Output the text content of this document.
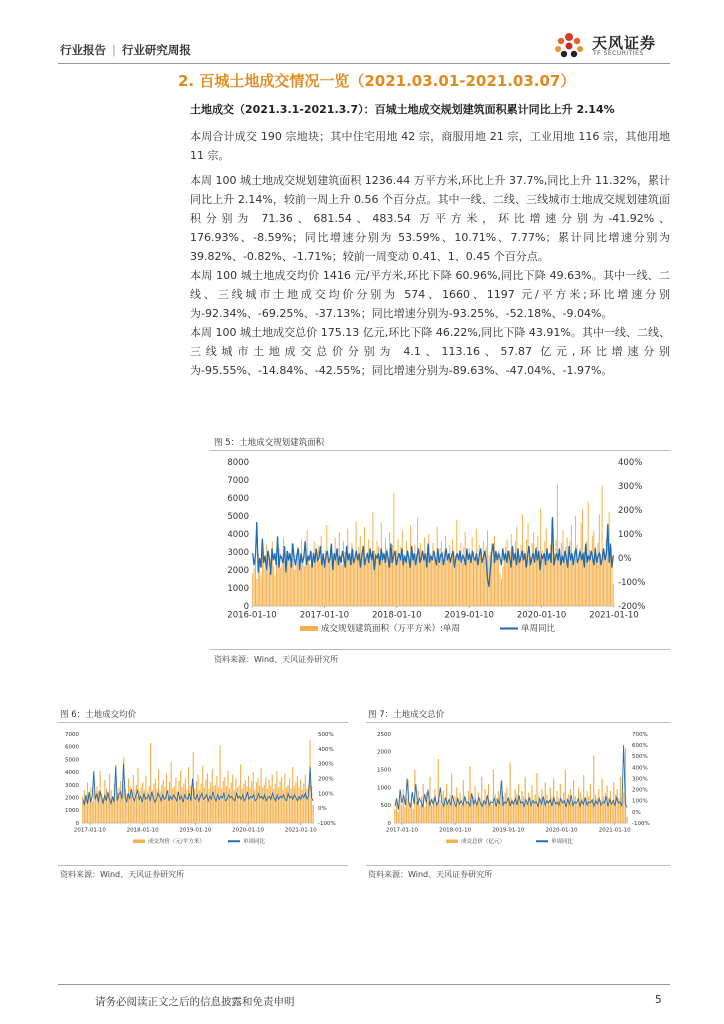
行业报告 | 行业研究周报	天风证券
TF SECURITIES
2. 百城土地成交情况一览（2021.03.01-2021.03.07）
土地成交（2021.3.1-2021.3.7）：百城土地成交规划建筑面积累计同比上升 2.14%
本周合计成交 190 宗地块；其中住宅用地 42 宗，商服用地 21 宗，工业用地 116 宗，其他用地 11 宗。
本周 100 城土地成交规划建筑面积 1236.44 万平方米,环比上升 37.7%,同比上升 11.32%，累计同比上升 2.14%，较前一周上升 0.56 个百分点。其中一线、二线、三线城市土地成交规划建筑面积分别为 71.36、681.54、483.54 万平方米，环比增速分别为-41.92%、176.93%、-8.59%；同比增速分别为 53.59%、10.71%、7.77%；累计同比增速分别为 39.82%、-0.82%、-1.71%；较前一周变动 0.41、1、0.45 个百分点。
本周 100 城土地成交均价 1416 元/平方米,环比下降 60.96%,同比下降 49.63%。其中一线、二线、三线城市土地成交均价分别为 574、1660、1197 元/平方米;环比增速分别为-92.34%、-69.25%、-37.13%；同比增速分别为-93.25%、-52.18%、-9.04%。
本周 100 城土地成交总价 175.13 亿元,环比下降 46.22%,同比下降 43.91%。其中一线、二线、三线城市土地成交总价分别为 4.1、113.16、57.87 亿元,环比增速分别为-95.55%、-14.84%、-42.55%；同比增速分别为-89.63%、-47.04%、-1.97%。
图 5：土地成交规划建筑面积
0
1000
2000
3000
4000
5000
6000
7000
8000
-200%
-100%
0%
100%
200%
300%
400%
2016-01-10	2017-01-10	2018-01-10	2019-01-10	2020-01-10	2021-01-10
成交规划建筑面积（万平方米）:单周	单周同比
资料来源：Wind、天风证券研究所
图 6：土地成交均价
0
1000
2000
3000
4000
5000
6000
7000
-100%
0%
100%
200%
300%
400%
500%
2017-01-10	2018-01-10	2019-01-10	2020-01-10	2021-01-10
成交均价（元/平方米）	单周同比
资料来源：Wind、天风证券研究所
图 7：土地成交总价
0
500
1000
1500
2000
2500
-100%
0%
100%
200%
300%
400%
500%
600%
700%
2017-01-10	2018-01-10	2019-01-10	2020-01-10	2021-01-10
成交总价（亿元）	单周同比
资料来源：Wind、天风证券研究所
请务必阅读正文之后的信息披露和免责申明	5
